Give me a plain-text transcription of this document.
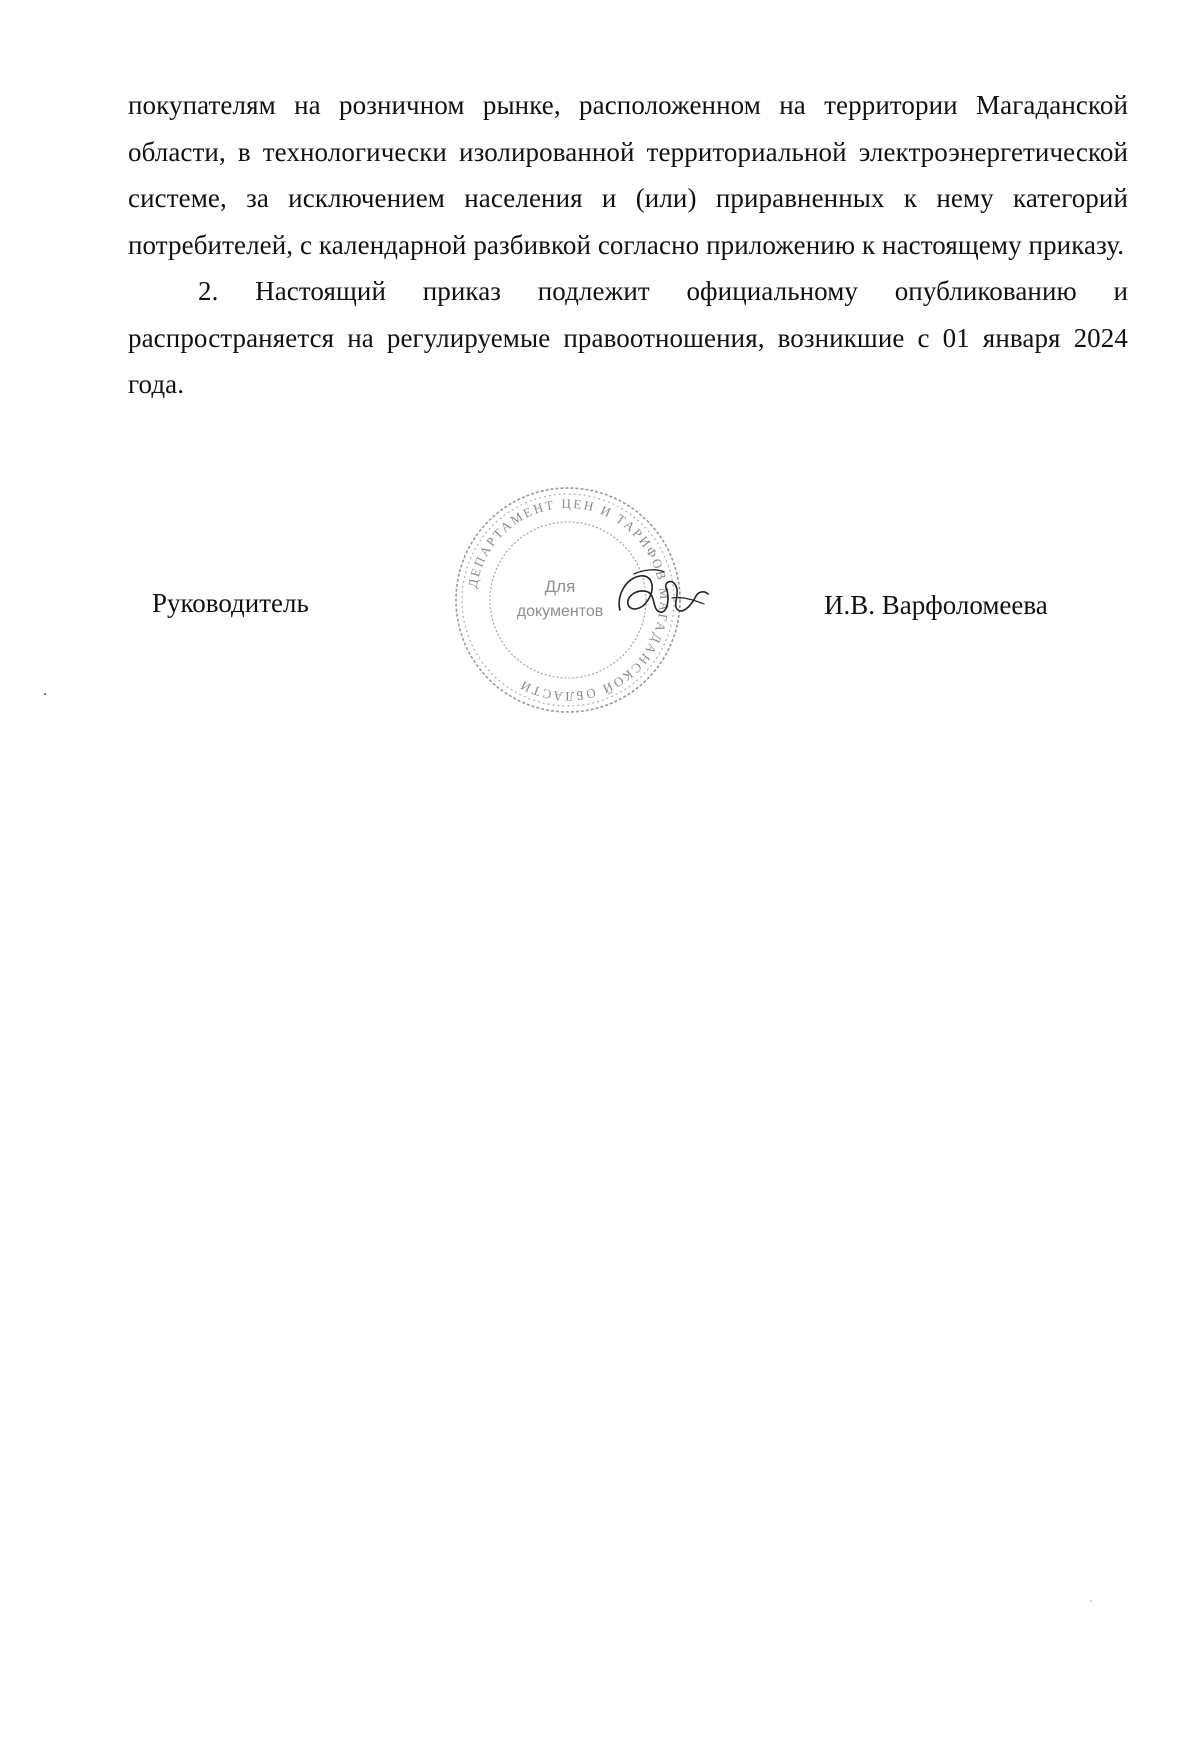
покупателям на розничном рынке, расположенном на территории Магаданской области, в технологически изолированной территориальной электроэнергетической системе, за исключением населения и (или) приравненных к нему категорий потребителей, с календарной разбивкой согласно приложению к настоящему приказу.

2. Настоящий приказ подлежит официальному опубликованию и распространяется на регулируемые правоотношения, возникшие с 01 января 2024 года.

Руководитель
ДЕПАРТАМЕНТ ЦЕН И ТАРИФОВ МАГАДАНСКОЙ ОБЛАСТИ
Для
документов	И.В. Варфоломеева
